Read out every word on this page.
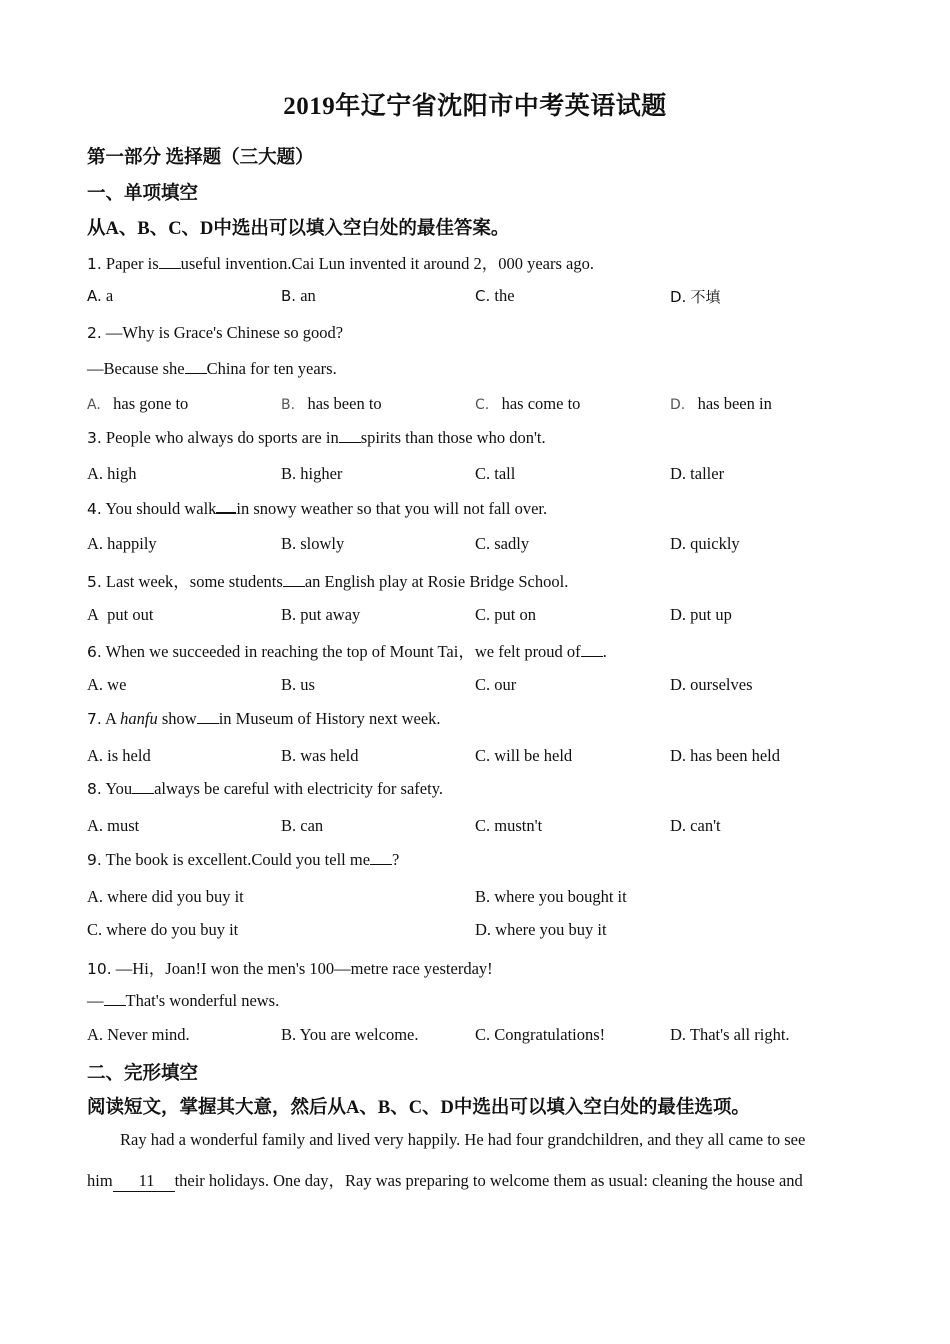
2019年辽宁省沈阳市中考英语试题
第一部分 选择题（三大题）
一、单项填空
从A、B、C、D中选出可以填入空白处的最佳答案。
1. Paper is useful invention.Cai Lun invented it around 2，000 years ago.
A. a	B. an	C. the	D. 不填
2. —Why is Grace's Chinese so good?
—Because she China for ten years.
A. has gone to	B. has been to	C. has come to	D. has been in
3. People who always do sports are in spirits than those who don't.
A. high	B. higher	C. tall	D. taller
4. You should walk in snowy weather so that you will not fall over.
A. happily	B. slowly	C. sadly	D. quickly
5. Last week，some students an English play at Rosie Bridge School.
A put out	B. put away	C. put on	D. put up
6. When we succeeded in reaching the top of Mount Tai，we felt proud of .
A. we	B. us	C. our	D. ourselves
7. A hanfu show in Museum of History next week.
A. is held	B. was held	C. will be held	D. has been held
8. You always be careful with electricity for safety.
A. must	B. can	C. mustn't	D. can't
9. The book is excellent.Could you tell me ?
A. where did you buy it	B. where you bought it
C. where do you buy it	D. where you buy it
10. —Hi，Joan!I won the men's 100—metre race yesterday!
— That's wonderful news.
A. Never mind.	B. You are welcome.	C. Congratulations!	D. That's all right.
二、完形填空
阅读短文，掌握其大意，然后从A、B、C、D中选出可以填入空白处的最佳选项。
Ray had a wonderful family and lived very happily. He had four grandchildren, and they all came to see
him 11 their holidays. One day，Ray was preparing to welcome them as usual: cleaning the house and
